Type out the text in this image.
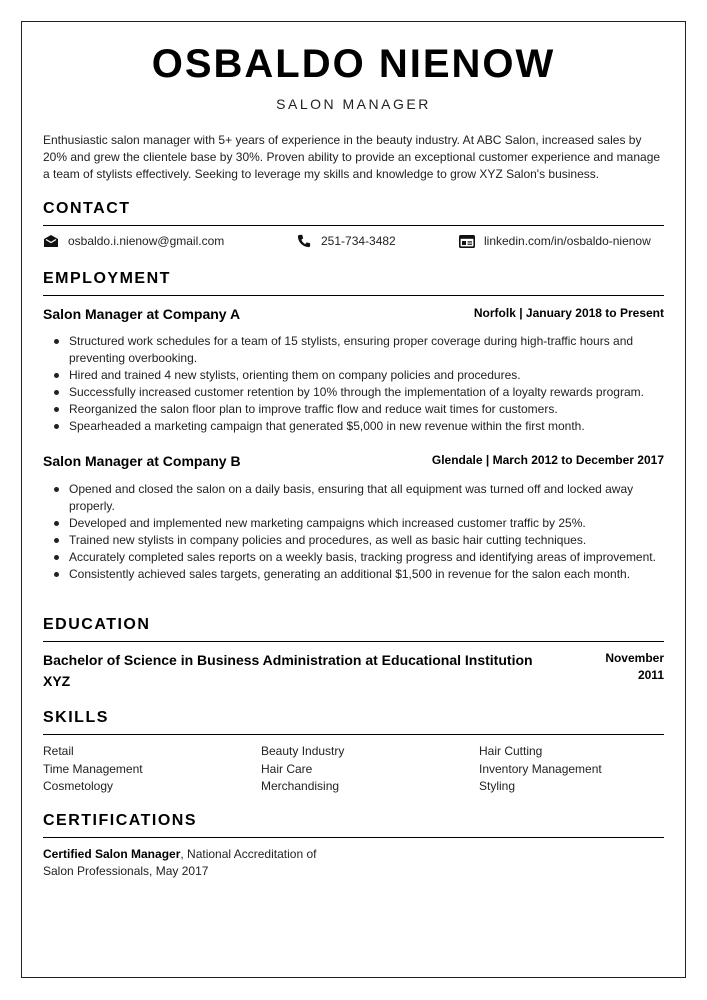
OSBALDO NIENOW
SALON MANAGER
Enthusiastic salon manager with 5+ years of experience in the beauty industry. At ABC Salon, increased sales by 20% and grew the clientele base by 30%. Proven ability to provide an exceptional customer experience and manage a team of stylists effectively. Seeking to leverage my skills and knowledge to grow XYZ Salon's business.
CONTACT
osbaldo.i.nienow@gmail.com	251-734-3482	linkedin.com/in/osbaldo-nienow
EMPLOYMENT
Salon Manager at Company A	Norfolk | January 2018 to Present
Structured work schedules for a team of 15 stylists, ensuring proper coverage during high-traffic hours and preventing overbooking.
Hired and trained 4 new stylists, orienting them on company policies and procedures.
Successfully increased customer retention by 10% through the implementation of a loyalty rewards program.
Reorganized the salon floor plan to improve traffic flow and reduce wait times for customers.
Spearheaded a marketing campaign that generated $5,000 in new revenue within the first month.
Salon Manager at Company B	Glendale | March 2012 to December 2017
Opened and closed the salon on a daily basis, ensuring that all equipment was turned off and locked away properly.
Developed and implemented new marketing campaigns which increased customer traffic by 25%.
Trained new stylists in company policies and procedures, as well as basic hair cutting techniques.
Accurately completed sales reports on a weekly basis, tracking progress and identifying areas of improvement.
Consistently achieved sales targets, generating an additional $1,500 in revenue for the salon each month.
EDUCATION
Bachelor of Science in Business Administration at Educational Institution XYZ
November 2011
SKILLS
Retail	Beauty Industry	Hair Cutting
Time Management	Hair Care	Inventory Management
Cosmetology	Merchandising	Styling
CERTIFICATIONS
Certified Salon Manager, National Accreditation of Salon Professionals, May 2017
